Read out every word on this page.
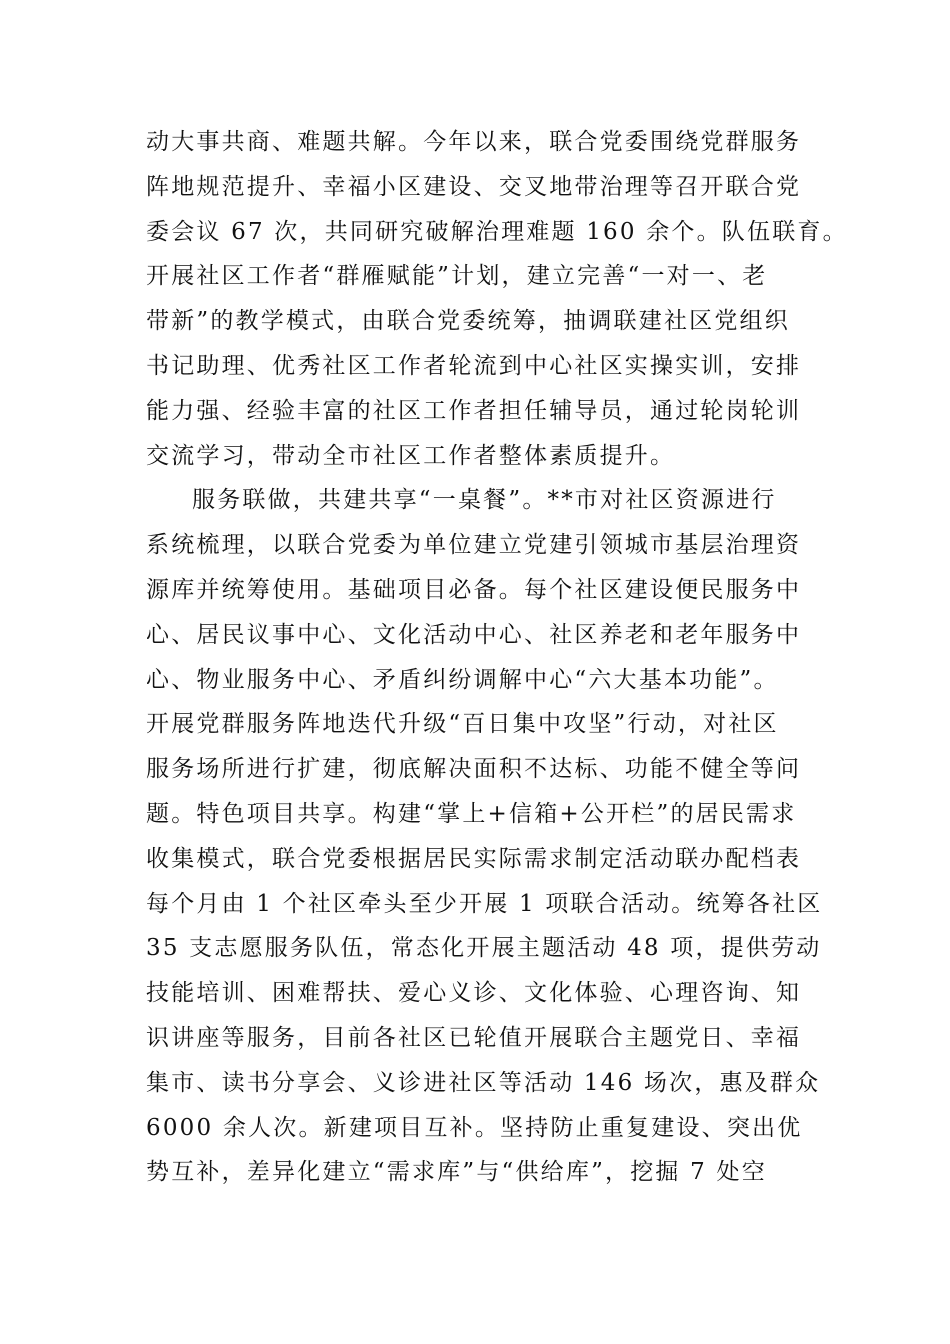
动大事共商、难题共解。今年以来，联合党委围绕党群服务
阵地规范提升、幸福小区建设、交叉地带治理等召开联合党
委会议 67 次，共同研究破解治理难题 160 余个。队伍联育。
开展社区工作者“群雁赋能”计划，建立完善“一对一、老
带新”的教学模式，由联合党委统筹，抽调联建社区党组织
书记助理、优秀社区工作者轮流到中心社区实操实训，安排
能力强、经验丰富的社区工作者担任辅导员，通过轮岗轮训
交流学习，带动全市社区工作者整体素质提升。
服务联做，共建共享“一桌餐”。**市对社区资源进行
系统梳理，以联合党委为单位建立党建引领城市基层治理资
源库并统筹使用。基础项目必备。每个社区建设便民服务中
心、居民议事中心、文化活动中心、社区养老和老年服务中
心、物业服务中心、矛盾纠纷调解中心“六大基本功能”。
开展党群服务阵地迭代升级“百日集中攻坚”行动，对社区
服务场所进行扩建，彻底解决面积不达标、功能不健全等问
题。特色项目共享。构建“掌上+信箱+公开栏”的居民需求
收集模式，联合党委根据居民实际需求制定活动联办配档表
每个月由 1 个社区牵头至少开展 1 项联合活动。统筹各社区
35 支志愿服务队伍，常态化开展主题活动 48 项，提供劳动
技能培训、困难帮扶、爱心义诊、文化体验、心理咨询、知
识讲座等服务，目前各社区已轮值开展联合主题党日、幸福
集市、读书分享会、义诊进社区等活动 146 场次，惠及群众
6000 余人次。新建项目互补。坚持防止重复建设、突出优
势互补，差异化建立“需求库”与“供给库”，挖掘 7 处空
